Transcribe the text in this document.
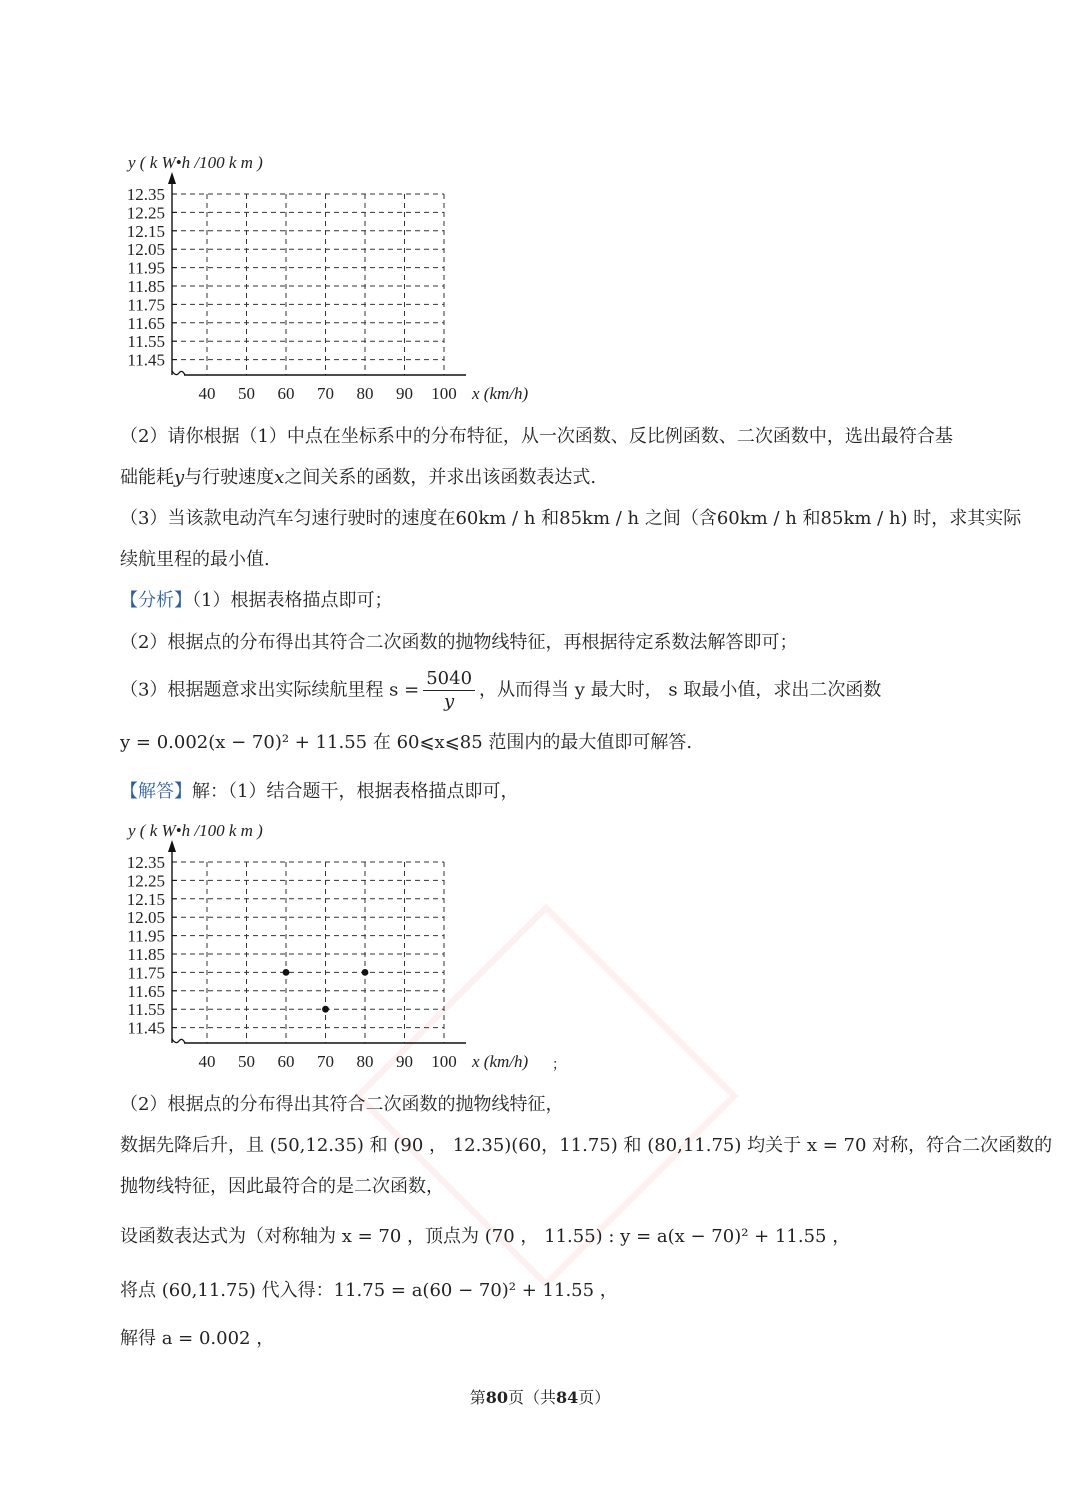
12.35
12.25
12.15
12.05
11.95
11.85
11.75
11.65
11.55
11.45
40 50 60 70 80 90 100
y ( k W•h /100 k m )
x (km/h)
（2）请你根据（1）中点在坐标系中的分布特征，从一次函数、反比例函数、二次函数中，选出最符合基
础能耗y与行驶速度x之间关系的函数，并求出该函数表达式.
（3）当该款电动汽车匀速行驶时的速度在60km / h 和85km / h 之间（含60km / h 和85km / h) 时，求其实际
续航里程的最小值.
【分析】（1）根据表格描点即可；
（2）根据点的分布得出其符合二次函数的抛物线特征，再根据待定系数法解答即可；
（3）根据题意求出实际续航里程 $s = \frac{5040}{y}$ ，从而得当 y 最大时， s 取最小值，求出二次函数
y = 0.002(x − 70)² + 11.55 在 60⩽x⩽85 范围内的最大值即可解答.
【解答】解：（1）结合题干，根据表格描点即可，
12.35
12.25
12.15
12.05
11.95
11.85
11.75
11.65
11.55
11.45
40 50 60 70 80 90 100
y ( k W•h /100 k m )
x (km/h) ；
（2）根据点的分布得出其符合二次函数的抛物线特征，
数据先降后升，且 (50,12.35) 和 (90 ， 12.35)(60，11.75) 和 (80,11.75) 均关于 x = 70 对称，符合二次函数的
抛物线特征，因此最符合的是二次函数，
设函数表达式为（对称轴为 x = 70 ，顶点为 (70 ， 11.55) : y = a(x − 70)² + 11.55 ，
将点 (60,11.75) 代入得：11.75 = a(60 − 70)² + 11.55 ，
解得 a = 0.002 ，
第80页（共84页）
